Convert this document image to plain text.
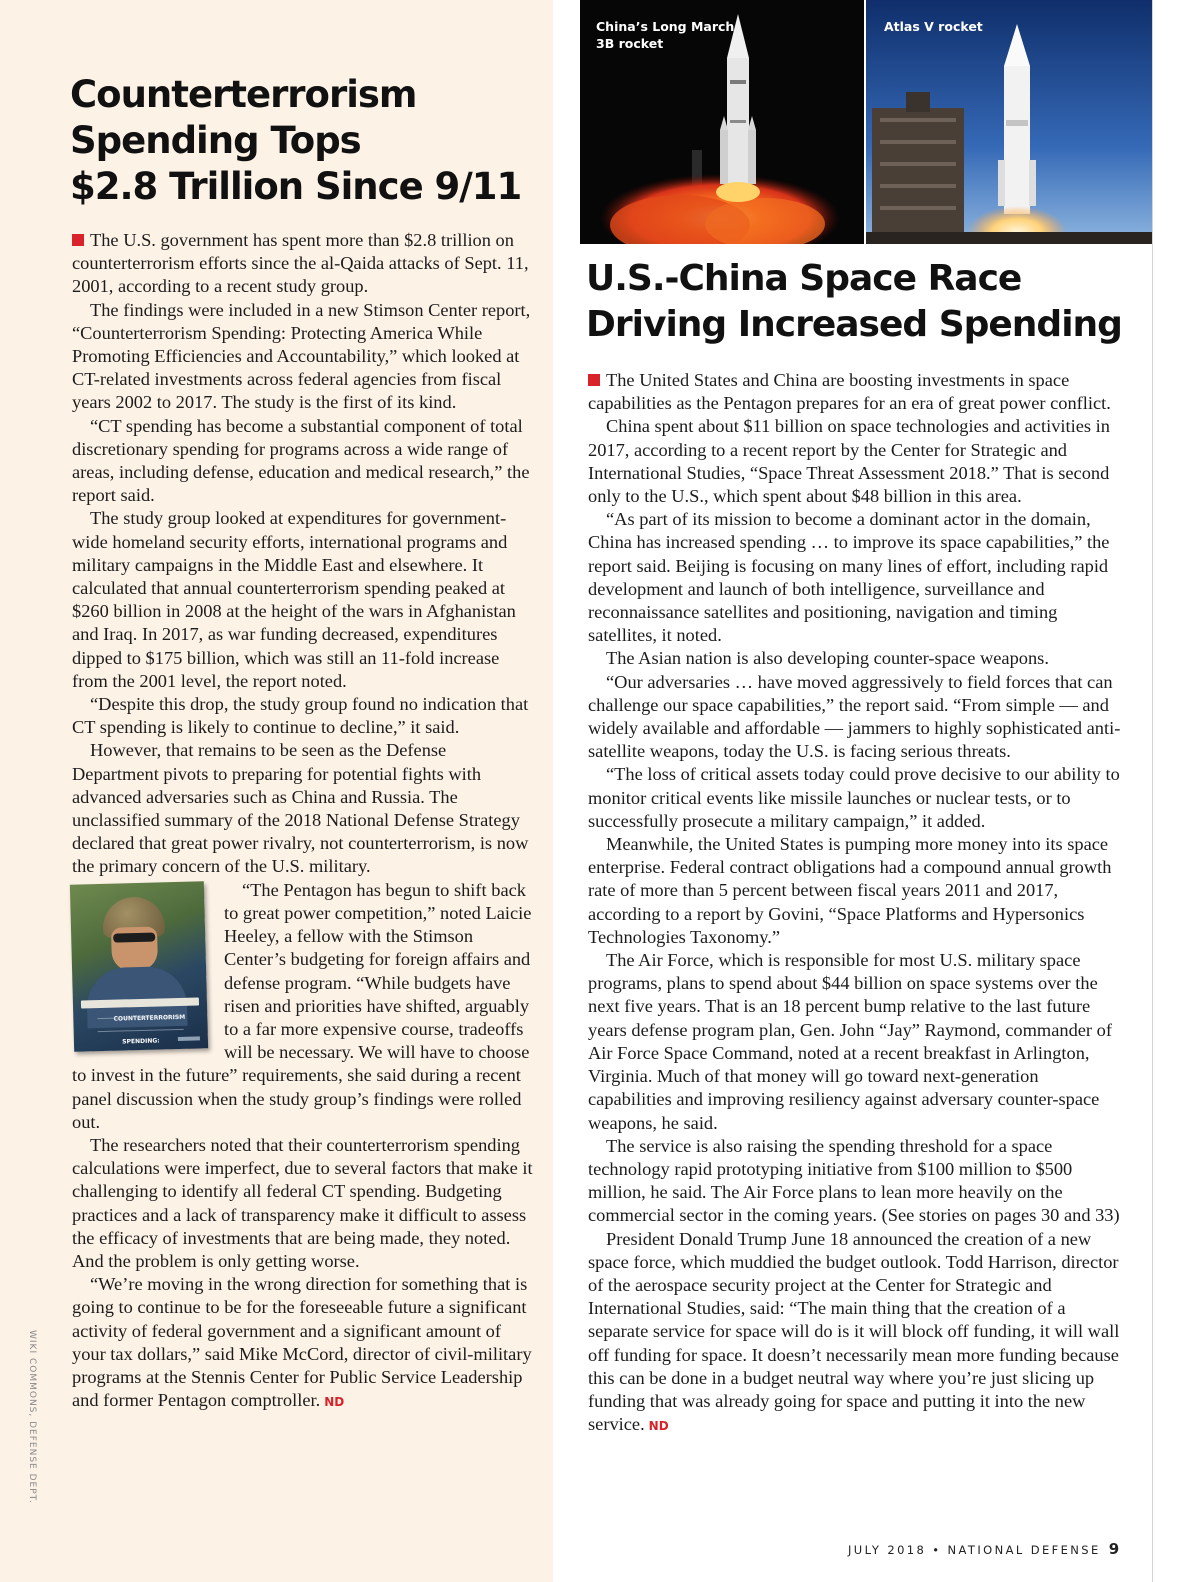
Counterterrorism
Spending Tops
$2.8 Trillion Since 9/11

The U.S. government has spent more than $2.8 trillion on counterterrorism efforts since the al-Qaida attacks of Sept. 11, 2001, according to a recent study group.

The findings were included in a new Stimson Center report, “Counterterrorism Spending: Protecting America While Promoting Efficiencies and Accountability,” which looked at CT-related investments across federal agencies from fiscal years 2002 to 2017. The study is the first of its kind.

“CT spending has become a substantial component of total discretionary spending for programs across a wide range of areas, including defense, education and medical research,” the report said.

The study group looked at expenditures for government-wide homeland security efforts, international programs and military campaigns in the Middle East and elsewhere. It calculated that annual counterterrorism spending peaked at $260 billion in 2008 at the height of the wars in Afghanistan and Iraq. In 2017, as war funding decreased, expenditures dipped to $175 billion, which was still an 11-fold increase from the 2001 level, the report noted.

“Despite this drop, the study group found no indication that CT spending is likely to continue to decline,” it said.

However, that remains to be seen as the Defense Department pivots to preparing for potential fights with advanced adversaries such as China and Russia. The unclassified summary of the 2018 National Defense Strategy declared that great power rivalry, not counterterrorism, is now the primary concern of the U.S. military.

COUNTERTERRORISM SPENDING:
“The Pentagon has begun to shift back to great power competition,” noted Laicie Heeley, a fellow with the Stimson Center’s budgeting for foreign affairs and defense program. “While budgets have risen and priorities have shifted, arguably to a far more expensive course, tradeoffs will be necessary. We will have to choose to invest in the future” requirements, she said during a recent panel discussion when the study group’s findings were rolled out.

The researchers noted that their counterterrorism spending calculations were imperfect, due to several factors that make it challenging to identify all federal CT spending. Budgeting practices and a lack of transparency make it difficult to assess the efficacy of investments that are being made, they noted. And the problem is only getting worse.

“We’re moving in the wrong direction for something that is going to continue to be for the foreseeable future a significant activity of federal government and a significant amount of your tax dollars,” said Mike McCord, director of civil-military programs at the Stennis Center for Public Service Leadership and former Pentagon comptroller. ND

China’s Long March 3B rocket
Atlas V rocket
U.S.-China Space Race
Driving Increased Spending

The United States and China are boosting investments in space capabilities as the Pentagon prepares for an era of great power conflict.

China spent about $11 billion on space technologies and activities in 2017, according to a recent report by the Center for Strategic and International Studies, “Space Threat Assessment 2018.” That is second only to the U.S., which spent about $48 billion in this area.

“As part of its mission to become a dominant actor in the domain, China has increased spending … to improve its space capabilities,” the report said. Beijing is focusing on many lines of effort, including rapid development and launch of both intelligence, surveillance and reconnaissance satellites and positioning, navigation and timing satellites, it noted.

The Asian nation is also developing counter-space weapons.

“Our adversaries … have moved aggressively to field forces that can challenge our space capabilities,” the report said. “From simple — and widely available and affordable — jammers to highly sophisticated anti-satellite weapons, today the U.S. is facing serious threats.

“The loss of critical assets today could prove decisive to our ability to monitor critical events like missile launches or nuclear tests, or to successfully prosecute a military campaign,” it added.

Meanwhile, the United States is pumping more money into its space enterprise. Federal contract obligations had a compound annual growth rate of more than 5 percent between fiscal years 2011 and 2017, according to a report by Govini, “Space Platforms and Hypersonics Technologies Taxonomy.”

The Air Force, which is responsible for most U.S. military space programs, plans to spend about $44 billion on space systems over the next five years. That is an 18 percent bump relative to the last future years defense program plan, Gen. John “Jay” Raymond, commander of Air Force Space Command, noted at a recent breakfast in Arlington, Virginia. Much of that money will go toward next-generation capabilities and improving resiliency against adversary counter-space weapons, he said.

The service is also raising the spending threshold for a space technology rapid prototyping initiative from $100 million to $500 million, he said. The Air Force plans to lean more heavily on the commercial sector in the coming years. (See stories on pages 30 and 33)

President Donald Trump June 18 announced the creation of a new space force, which muddied the budget outlook. Todd Harrison, director of the aerospace security project at the Center for Strategic and International Studies, said: “The main thing that the creation of a separate service for space will do is it will block off funding, it will wall off funding for space. It doesn’t necessarily mean more funding because this can be done in a budget neutral way where you’re just slicing up funding that was already going for space and putting it into the new service. ND

WIKI COMMONS, DEFENSE DEPT.
JULY 2018 • NATIONAL DEFENSE 9
